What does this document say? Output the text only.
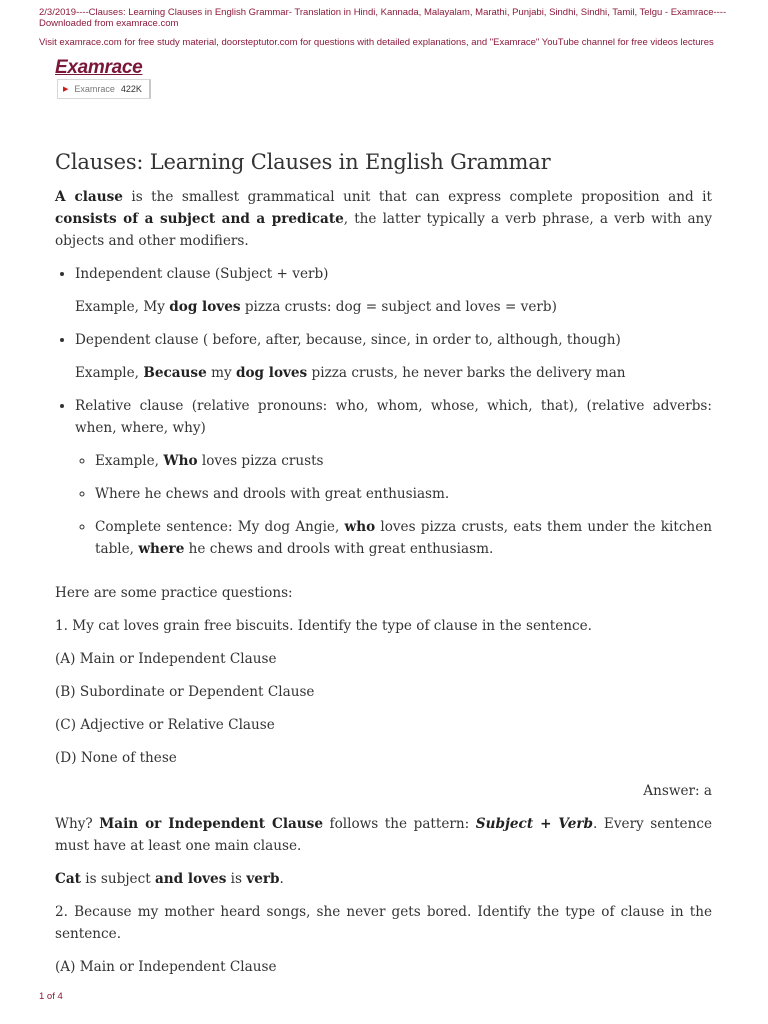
2/3/2019----Clauses: Learning Clauses in English Grammar- Translation in Hindi, Kannada, Malayalam, Marathi, Punjabi, Sindhi, Sindhi, Tamil, Telgu - Examrace----Downloaded from examrace.com
Visit examrace.com for free study material, doorsteptutor.com for questions with detailed explanations, and "Examrace" YouTube channel for free videos lectures
Examrace
▶ Examrace 422K
Clauses: Learning Clauses in English Grammar

A clause is the smallest grammatical unit that can express complete proposition and it consists of a subject and a predicate, the latter typically a verb phrase, a verb with any objects and other modifiers.

• Independent clause (Subject + verb)

Example, My dog loves pizza crusts: dog = subject and loves = verb)

• Dependent clause ( before, after, because, since, in order to, although, though)

Example, Because my dog loves pizza crusts, he never barks the delivery man

• Relative clause (relative pronouns: who, whom, whose, which, that), (relative adverbs: when, where, why)
◦ Example, Who loves pizza crusts
◦ Where he chews and drools with great enthusiasm.
◦ Complete sentence: My dog Angie, who loves pizza crusts, eats them under the kitchen table, where he chews and drools with great enthusiasm.

Here are some practice questions:

1. My cat loves grain free biscuits. Identify the type of clause in the sentence.

(A) Main or Independent Clause

(B) Subordinate or Dependent Clause

(C) Adjective or Relative Clause

(D) None of these

Answer: a

Why? Main or Independent Clause follows the pattern: Subject + Verb. Every sentence must have at least one main clause.

Cat is subject and loves is verb.

2. Because my mother heard songs, she never gets bored. Identify the type of clause in the sentence.

(A) Main or Independent Clause

1 of 4
